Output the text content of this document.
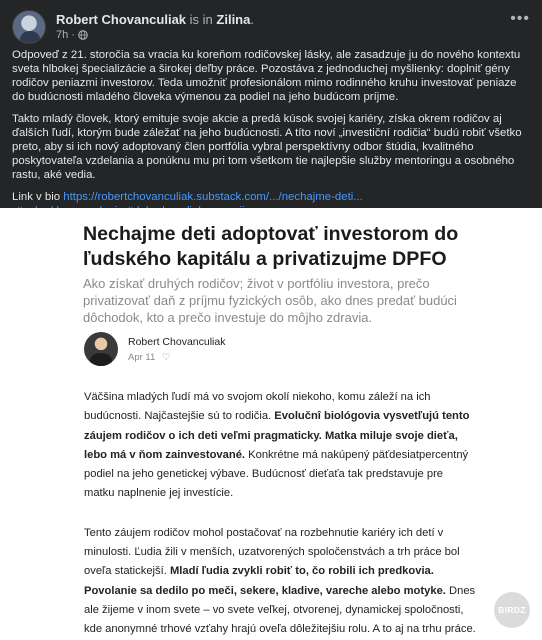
Robert Chovanculiak is in Zilina.
7h ·
•••

Odpoveď z 21. storočia sa vracia ku koreňom rodičovskej lásky, ale zasadzuje ju do nového kontextu sveta hlbokej špecializácie a širokej deľby práce. Pozostáva z jednoduchej myšlienky: doplniť gény rodičov peniazmi investorov. Teda umožniť profesionálom mimo rodinného kruhu investovať peniaze do budúcnosti mladého človeka výmenou za podiel na jeho budúcom príjme.

Takto mladý človek, ktorý emituje svoje akcie a predá kúsok svojej kariéry, získa okrem rodičov aj ďalších ľudí, ktorým bude záležať na jeho budúcnosti. A títo noví „investiční rodičia“ budú robiť všetko preto, aby si ich nový adoptovaný člen portfólia vybral perspektívny odbor štúdia, kvalitného poskytovateľa vzdelania a ponúknu mu pri tom všetkom tie najlepšie služby mentoringu a osobného rastu, aké vedia.

Link v bio https://robertchovanculiak.substack.com/.../nechajme-deti...

Nechajme deti adoptovať investorom do ľudského kapitálu a privatizujme DPFO
Ako získať druhých rodičov; život v portfóliu investora, prečo privatizovať daň z príjmu fyzických osôb, ako dnes predať budúci dôchodok, kto a prečo investuje do môjho zdravia.
Robert Chovanculiak
Apr 11 ♡

Väčšina mladých ľudí má vo svojom okolí niekoho, komu záleží na ich budúcnosti. Najčastejšie sú to rodičia. Evolučnî biológovia vysvetľujú tento záujem rodičov o ich deti veľmi pragmaticky. Matka miluje svoje dieťa, lebo má v ňom zainvestované. Konkrétne má nakúpený päťdesiatpercentný podiel na jeho genetickej výbave. Budúcnosť dieťaťa tak predstavuje pre matku naplnenie jej investície.

Tento záujem rodičov mohol postačovať na rozbehnutie kariéry ich detí v minulosti. Ľudia žili v menších, uzatvorených spoločenstvách a trh práce bol oveľa statickejší. Mladí ľudia zvykli robiť to, čo robili ich predkovia. Povolanie sa dedilo po meči, sekere, kladive, vareche alebo motyke. Dnes ale žijeme v inom svete – vo svete veľkej, otvorenej, dynamickej spoločnosti, kde anonymné trhové vzťahy hrajú oveľa dôležitejšiu rolu. A to aj na trhu práce.

BIRDZ
